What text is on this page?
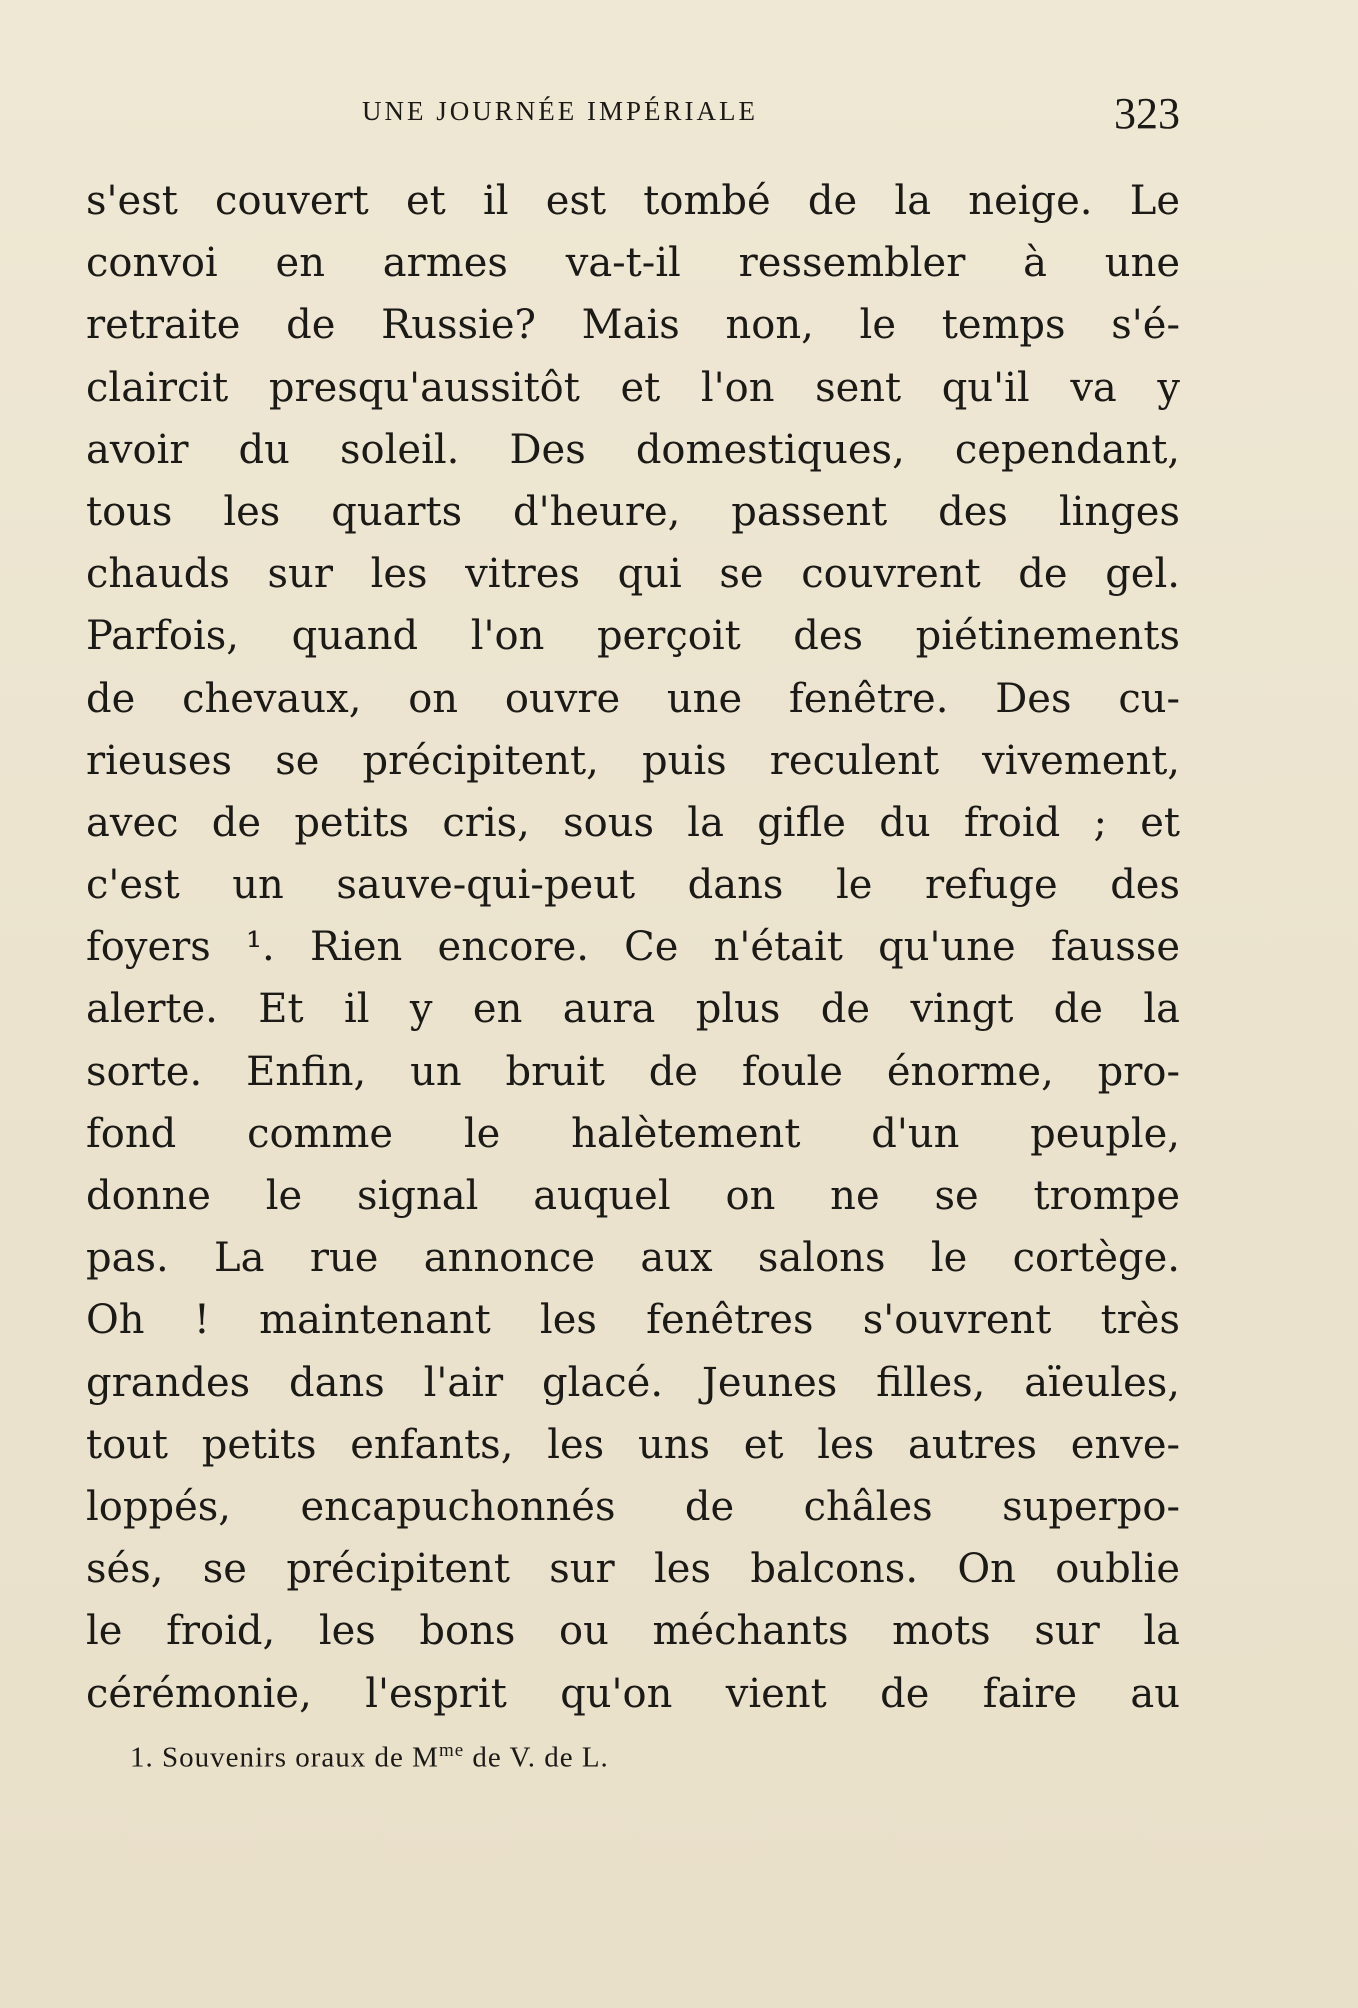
UNE JOURNÉE IMPÉRIALE	323
s'est couvert et il est tombé de la neige. Le
convoi en armes va-t-il ressembler à une
retraite de Russie? Mais non, le temps s'é-
claircit presqu'aussitôt et l'on sent qu'il va y
avoir du soleil. Des domestiques, cependant,
tous les quarts d'heure, passent des linges
chauds sur les vitres qui se couvrent de gel.
Parfois, quand l'on perçoit des piétinements
de chevaux, on ouvre une fenêtre. Des cu-
rieuses se précipitent, puis reculent vivement,
avec de petits cris, sous la gifle du froid ; et
c'est un sauve-qui-peut dans le refuge des
foyers ¹. Rien encore. Ce n'était qu'une fausse
alerte. Et il y en aura plus de vingt de la
sorte. Enfin, un bruit de foule énorme, pro-
fond comme le halètement d'un peuple,
donne le signal auquel on ne se trompe
pas. La rue annonce aux salons le cortège.
Oh ! maintenant les fenêtres s'ouvrent très
grandes dans l'air glacé. Jeunes filles, aïeules,
tout petits enfants, les uns et les autres enve-
loppés, encapuchonnés de châles superpo-
sés, se précipitent sur les balcons. On oublie
le froid, les bons ou méchants mots sur la
cérémonie, l'esprit qu'on vient de faire au
1. Souvenirs oraux de $M^{me}$ de V. de L.
